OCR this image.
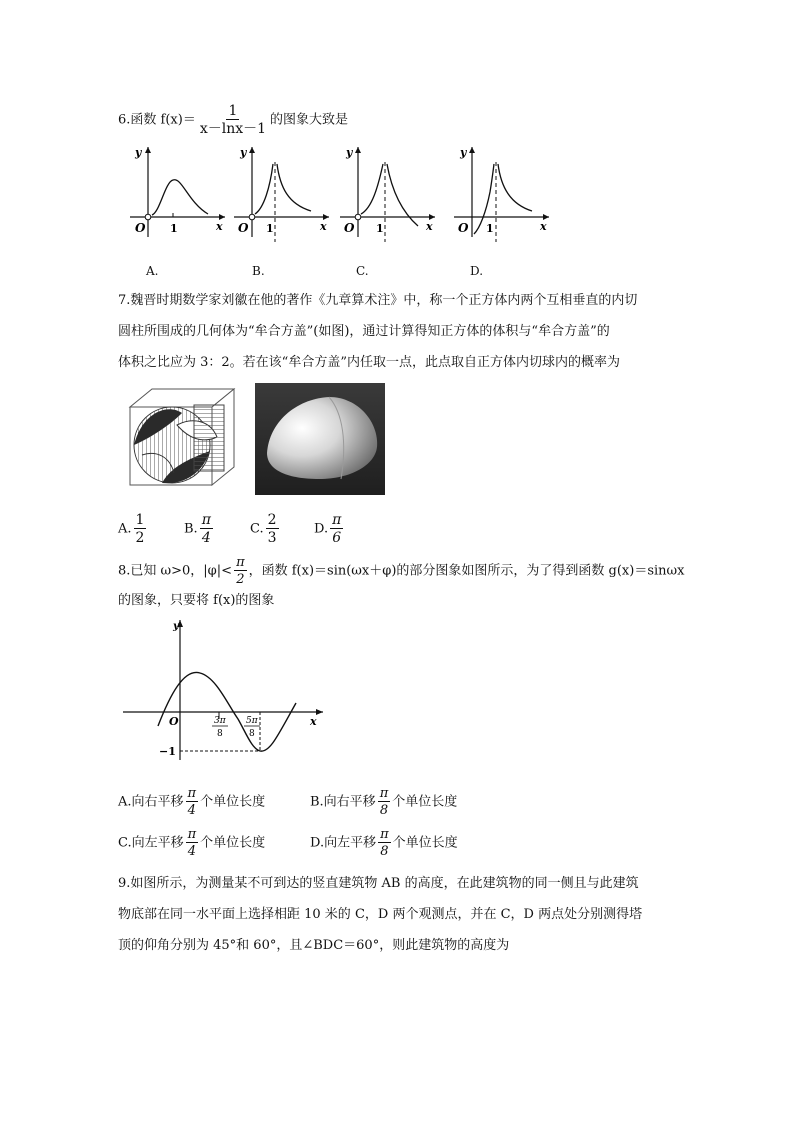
6.函数 $f(x)= \frac{1}{x-\ln x-1}$ 的图象大致是
y
x
O 1
A.
y
x
O 1
B.
y
x
O 1
C.
y
x
O 1
D.
7.魏晋时期数学家刘徽在他的著作《九章算术注》中，称一个正方体内两个互相垂直的内切
圆柱所围成的几何体为“牟合方盖”(如图)，通过计算得知正方体的体积与“牟合方盖”的
体积之比应为 3：2。若在该“牟合方盖”内任取一点，此点取自正方体内切球内的概率为
A. $\frac{1}{2}$	B. $\frac{\pi}{4}$	C. $\frac{2}{3}$	D. $\frac{\pi}{6}$
8.已知 ω>0，$|\varphi|< \frac{\pi}{2}$ ，函数 f(x)＝sin(ωx＋φ)的部分图象如图所示，为了得到函数 g(x)＝sinωx
的图象，只要将 f(x)的图象
y
x
O
−1
3π
8
5π
8
A.向右平移 $\frac{\pi}{4}$ 个单位长度	B.向右平移 $\frac{\pi}{8}$ 个单位长度
C.向左平移 $\frac{\pi}{4}$ 个单位长度	D.向左平移 $\frac{\pi}{8}$ 个单位长度
9.如图所示，为测量某不可到达的竖直建筑物 AB 的高度，在此建筑物的同一侧且与此建筑
物底部在同一水平面上选择相距 10 米的 C，D 两个观测点，并在 C，D 两点处分别测得塔
顶的仰角分别为 45°和 60°，且∠BDC＝60°，则此建筑物的高度为
